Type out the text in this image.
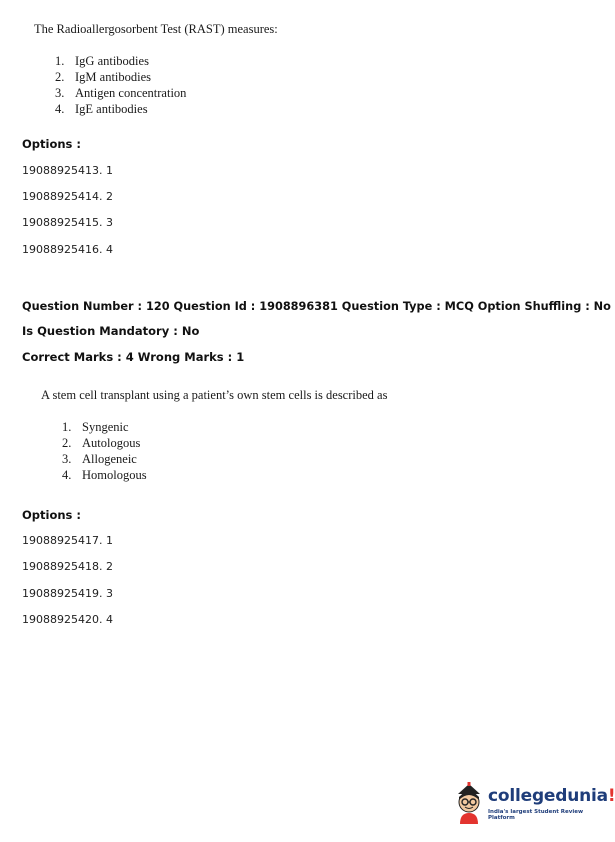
The Radioallergosorbent Test (RAST) measures:
1. IgG antibodies
2. IgM antibodies
3. Antigen concentration
4. IgE antibodies
Options :
19088925413. 1
19088925414. 2
19088925415. 3
19088925416. 4
Question Number : 120 Question Id : 1908896381 Question Type : MCQ Option Shuffling : No
Is Question Mandatory : No
Correct Marks : 4 Wrong Marks : 1
A stem cell transplant using a patient’s own stem cells is described as
1. Syngenic
2. Autologous
3. Allogeneic
4. Homologous
Options :
19088925417. 1
19088925418. 2
19088925419. 3
19088925420. 4
collegedunia!
India's largest Student Review Platform
